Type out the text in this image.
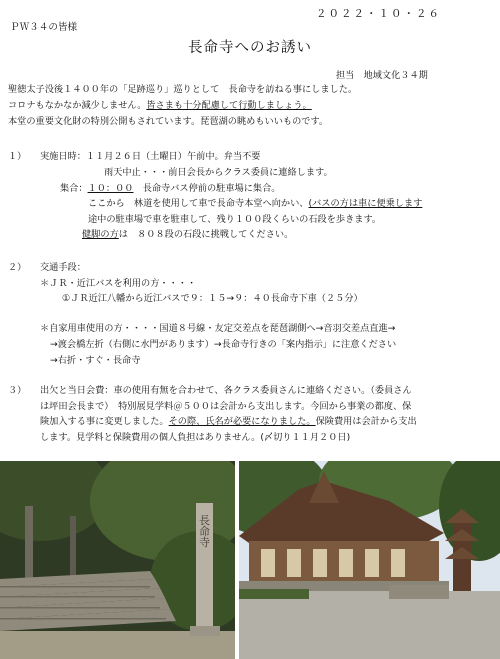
２０２２・１０・２６
ＰＷ３４の皆様
長命寺へのお誘い
担当　地域文化３４期
聖徳太子没後１４００年の「足跡巡り」巡りとして　長命寺を訪ねる事にしました。
コロナもなかなか減少しません。皆さまも十分配慮して行動しましょう。
本堂の重要文化財の特別公開もされています。琵琶湖の眺めもいいものです。
１） 実施日時：１１月２６日（土曜日）午前中。弁当不要
雨天中止・・・前日会長からクラス委員に連絡します。
集合：１０：００　 長命寺バス停前の駐車場に集合。
ここから　林道を使用して車で長命寺本堂へ向かい、(バスの方は車に便乗します
途中の駐車場で車を駐車して、残り１００段くらいの石段を歩きます。
健脚の方は　８０８段の石段に挑戦してください。
２） 交通手段：
＊ＪＲ・近江バスを利用の方・・・・
①ＪＲ近江八幡から近江バスで９：１５→９：４０長命寺下車（２５分）
＊自家用車使用の方・・・・国道８号線・友定交差点を琵琶湖側へ→音羽交差点直進→
→渡会橋左折（右側に水門があります）→長命寺行きの「案内指示」に注意ください
→右折・すぐ・長命寺
３） 出欠と当日会費：車の使用有無を合わせて、各クラス委員さんに連絡ください。（委員さん
は坪田会長まで）　特別展見学料＠５００は会計から支出します。今回から事業の都度、保
険加入する事に変更しました。その際、氏名が必要になりました。保険費用は会計から支出
します。見学料と保険費用の個人負担はありません。(〆切り１１月２０日)
長命寺
